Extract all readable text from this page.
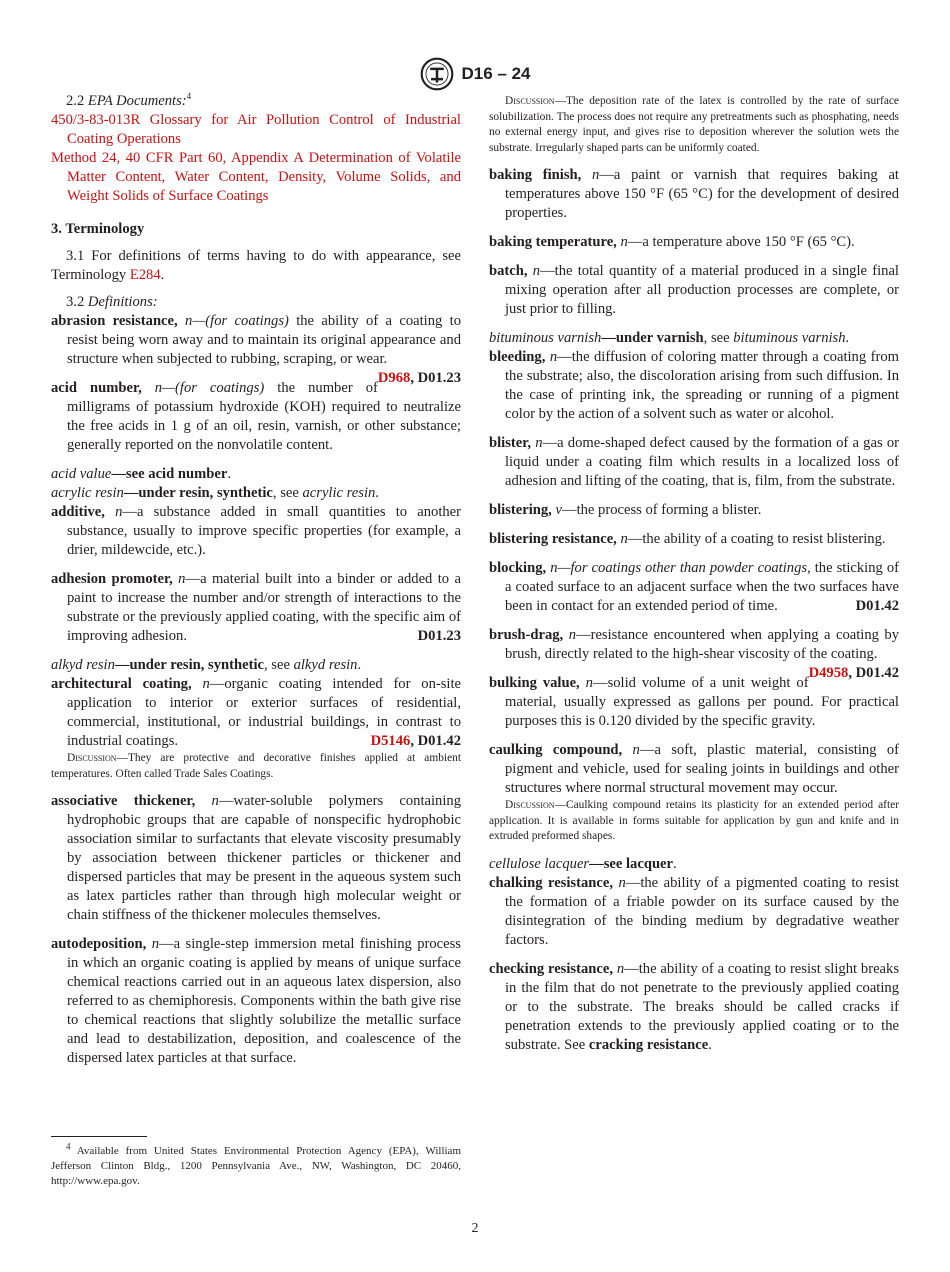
D16 – 24

2.2 EPA Documents:$^4$

450/3-83-013R Glossary for Air Pollution Control of Industrial Coating Operations

Method 24, 40 CFR Part 60, Appendix A Determination of Volatile Matter Content, Water Content, Density, Volume Solids, and Weight Solids of Surface Coatings

3. Terminology

3.1 For definitions of terms having to do with appearance, see Terminology E284.

3.2 Definitions:

abrasion resistance, n—(for coatings) the ability of a coating to resist being worn away and to maintain its original appearance and structure when subjected to rubbing, scraping, or wear.
D968, D01.23

acid number, n—(for coatings) the number of milligrams of potassium hydroxide (KOH) required to neutralize the free acids in 1 g of an oil, resin, varnish, or other substance; generally reported on the nonvolatile content.

acid value—see acid number.

acrylic resin—under resin, synthetic, see acrylic resin.

additive, n—a substance added in small quantities to another substance, usually to improve specific properties (for example, a drier, mildewcide, etc.).

adhesion promoter, n—a material built into a binder or added to a paint to increase the number and/or strength of interactions to the substrate or the previously applied coating, with the specific aim of improving adhesion.	D01.23

alkyd resin—under resin, synthetic, see alkyd resin.

architectural coating, n—organic coating intended for on-site application to interior or exterior surfaces of residential, commercial, institutional, or industrial buildings, in contrast to industrial coatings.	D5146, D01.42

Discussion—They are protective and decorative finishes applied at ambient temperatures. Often called Trade Sales Coatings.

associative thickener, n—water-soluble polymers containing hydrophobic groups that are capable of nonspecific hydrophobic association similar to surfactants that elevate viscosity presumably by association between thickener particles or thickener and dispersed particles that may be present in the aqueous system such as latex particles rather than through high molecular weight or chain stiffness of the thickener molecules themselves.

autodeposition, n—a single-step immersion metal finishing process in which an organic coating is applied by means of unique surface chemical reactions carried out in an aqueous latex dispersion, also referred to as chemiphoresis. Components within the bath give rise to chemical reactions that slightly solubilize the metallic surface and lead to destabilization, deposition, and coalescence of the dispersed latex particles at that surface.

$^4$ Available from United States Environmental Protection Agency (EPA), William Jefferson Clinton Bldg., 1200 Pennsylvania Ave., NW, Washington, DC 20460, http://www.epa.gov.

Discussion—The deposition rate of the latex is controlled by the rate of surface solubilization. The process does not require any pretreatments such as phosphating, needs no external energy input, and gives rise to deposition wherever the solution wets the substrate. Irregularly shaped parts can be uniformly coated.

baking finish, n—a paint or varnish that requires baking at temperatures above 150 °F (65 °C) for the development of desired properties.

baking temperature, n—a temperature above 150 °F (65 °C).

batch, n—the total quantity of a material produced in a single final mixing operation after all production processes are complete, or just prior to filling.

bituminous varnish—under varnish, see bituminous varnish.

bleeding, n—the diffusion of coloring matter through a coating from the substrate; also, the discoloration arising from such diffusion. In the case of printing ink, the spreading or running of a pigment color by the action of a solvent such as water or alcohol.

blister, n—a dome-shaped defect caused by the formation of a gas or liquid under a coating film which results in a localized loss of adhesion and lifting of the coating, that is, film, from the substrate.

blistering, v—the process of forming a blister.

blistering resistance, n—the ability of a coating to resist blistering.

blocking, n—for coatings other than powder coatings, the sticking of a coated surface to an adjacent surface when the two surfaces have been in contact for an extended period of time.	D01.42

brush-drag, n—resistance encountered when applying a coating by brush, directly related to the high-shear viscosity of the coating.
D4958, D01.42

bulking value, n—solid volume of a unit weight of material, usually expressed as gallons per pound. For practical purposes this is 0.120 divided by the specific gravity.

caulking compound, n—a soft, plastic material, consisting of pigment and vehicle, used for sealing joints in buildings and other structures where normal structural movement may occur.

Discussion—Caulking compound retains its plasticity for an extended period after application. It is available in forms suitable for application by gun and knife and in extruded preformed shapes.

cellulose lacquer—see lacquer.

chalking resistance, n—the ability of a pigmented coating to resist the formation of a friable powder on its surface caused by the disintegration of the binding medium by degradative weather factors.

checking resistance, n—the ability of a coating to resist slight breaks in the film that do not penetrate to the previously applied coating or to the substrate. The breaks should be called cracks if penetration extends to the previously applied coating or to the substrate. See cracking resistance.

2
